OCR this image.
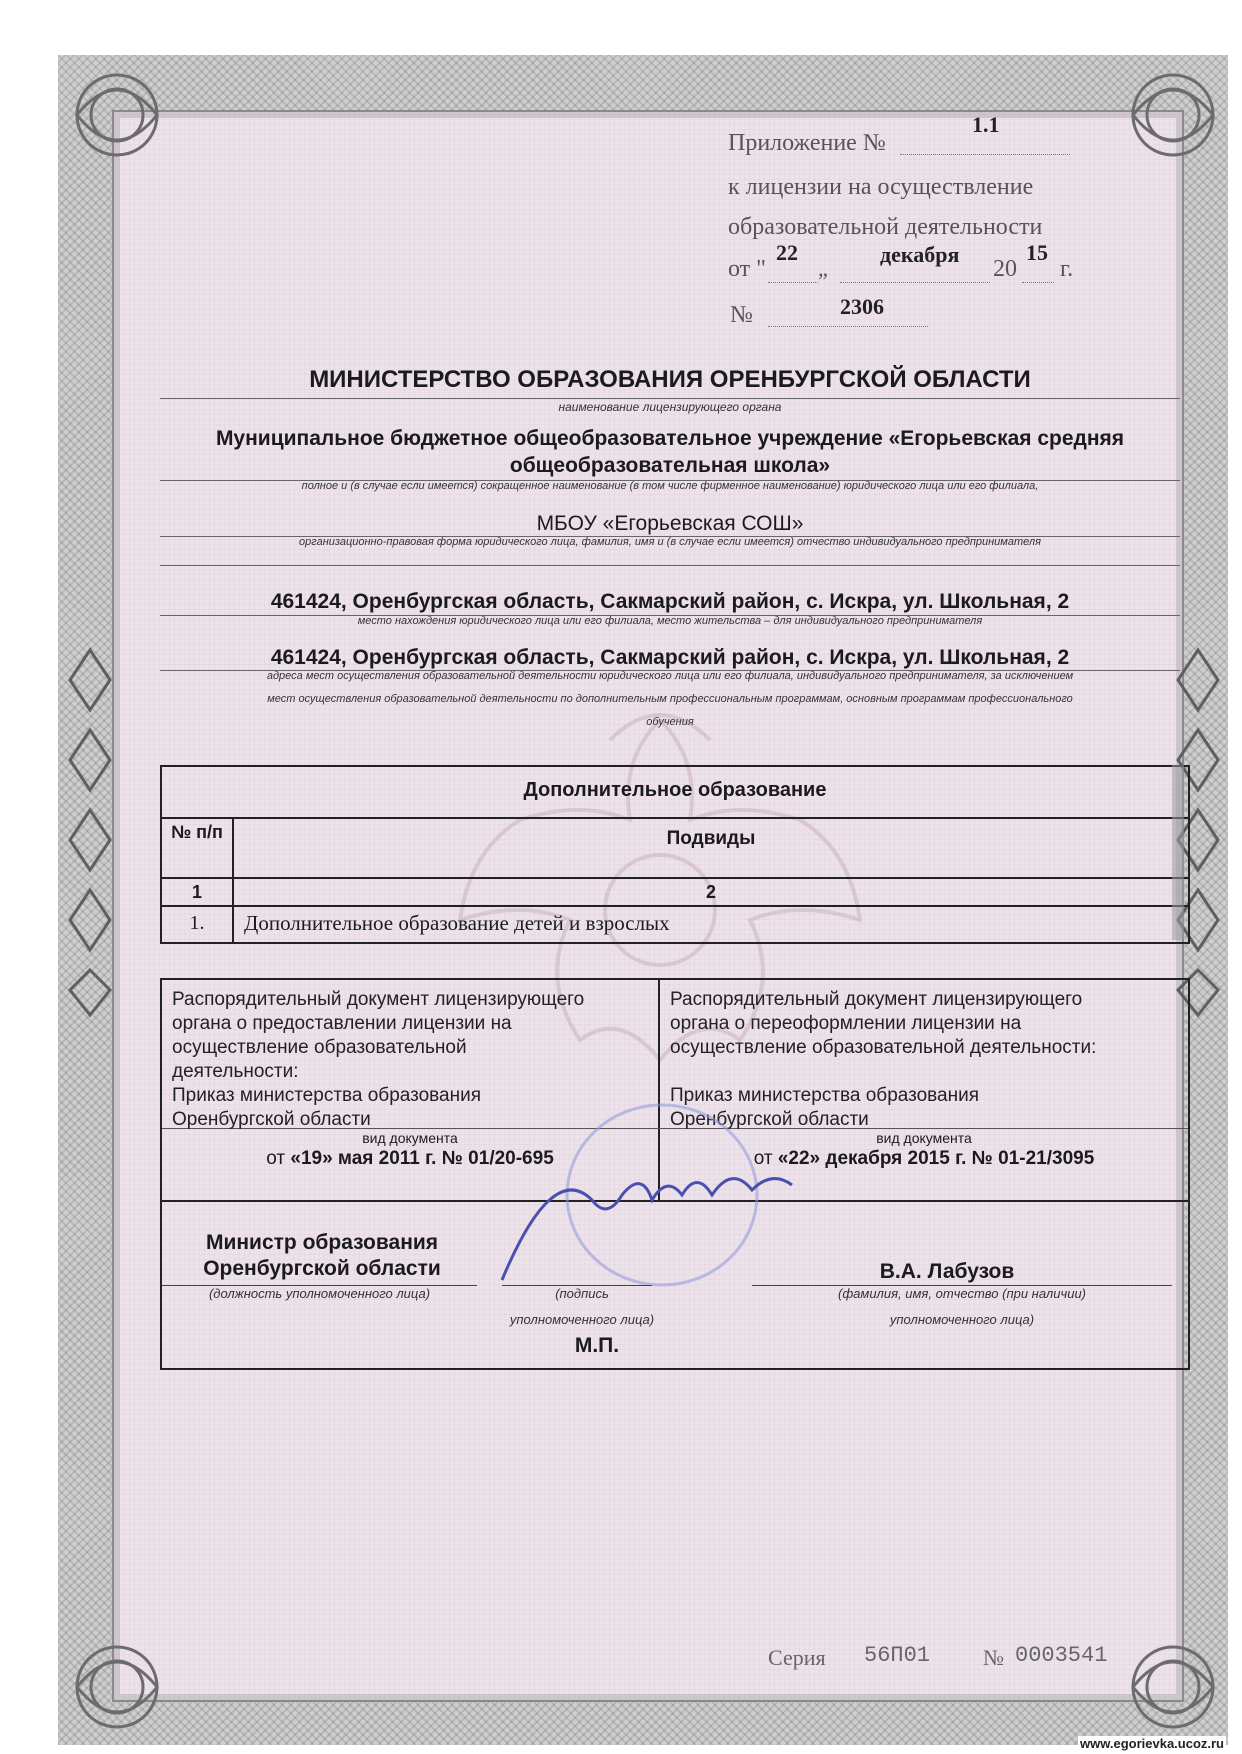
Приложение №
1.1
к лицензии на осуществление
образовательной деятельности
от "
22
„
декабря
20
15
г.
№	2306
МИНИСТЕРСТВО ОБРАЗОВАНИЯ ОРЕНБУРГСКОЙ ОБЛАСТИ
наименование лицензирующего органа
Муниципальное бюджетное общеобразовательное учреждение «Егорьевская средняя
общеобразовательная школа»
полное и (в случае если имеется) сокращенное наименование (в том числе фирменное наименование) юридического лица или его филиала,
МБОУ «Егорьевская СОШ»
организационно-правовая форма юридического лица, фамилия, имя и (в случае если имеется) отчество индивидуального предпринимателя
461424, Оренбургская область, Сакмарский район, с. Искра, ул. Школьная, 2
место нахождения юридического лица или его филиала, место жительства – для индивидуального предпринимателя
461424, Оренбургская область, Сакмарский район, с. Искра, ул. Школьная, 2
адреса мест осуществления образовательной деятельности юридического лица или его филиала, индивидуального предпринимателя, за исключением
мест осуществления образовательной деятельности по дополнительным профессиональным программам, основным программам профессионального
обучения
Дополнительное образование
№ п/п	Подвиды
1	2
1.	Дополнительное образование детей и взрослых
Распорядительный документ лицензирующего
органа о предоставлении лицензии на
осуществление образовательной
деятельности:
Приказ министерства образования
Оренбургской области
вид документа
от «19» мая 2011 г. № 01/20-695
Распорядительный документ лицензирующего
органа о переоформлении лицензии на
осуществление образовательной деятельности:
Приказ министерства образования
Оренбургской области
вид документа
от «22» декабря 2015 г. № 01-21/3095
Министр образования
Оренбургской области
(должность уполномоченного лица)	(подпись
уполномоченного лица)
В.А. Лабузов
(фамилия, имя, отчество (при наличии)
уполномоченного лица)
М.П.
Серия 56П01 № 0003541
www.egorievka.ucoz.ru
